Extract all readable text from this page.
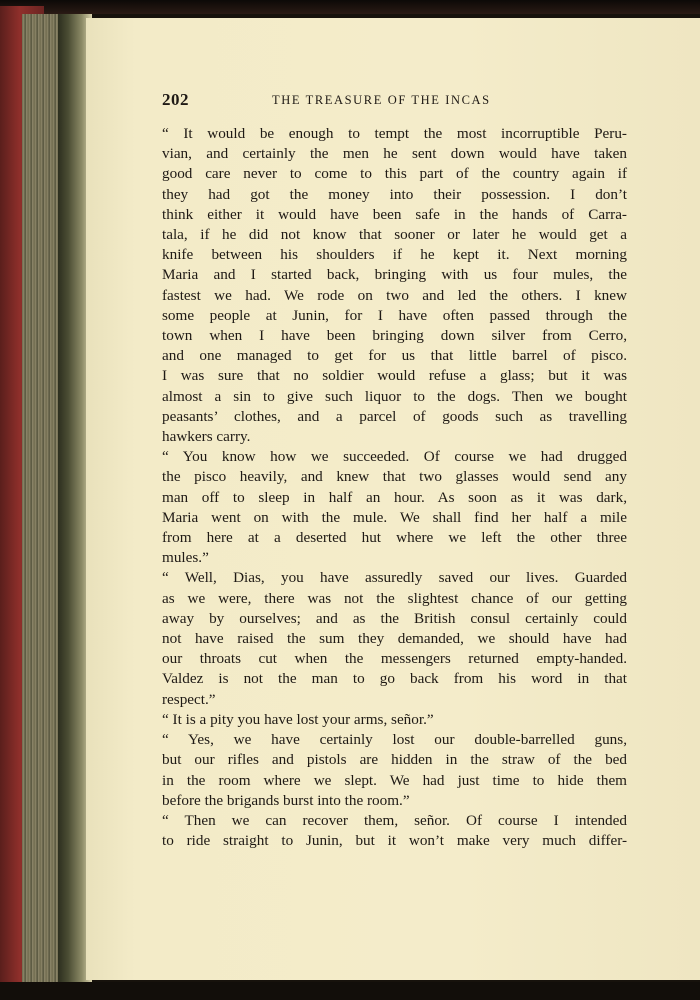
202	THE TREASURE OF THE INCAS

“ It would be enough to tempt the most incorruptible Peru-
vian, and certainly the men he sent down would have taken
good care never to come to this part of the country again if
they had got the money into their possession. I don’t
think either it would have been safe in the hands of Carra-
tala, if he did not know that sooner or later he would get a
knife between his shoulders if he kept it. Next morning
Maria and I started back, bringing with us four mules, the
fastest we had. We rode on two and led the others. I knew
some people at Junin, for I have often passed through the
town when I have been bringing down silver from Cerro,
and one managed to get for us that little barrel of pisco.
I was sure that no soldier would refuse a glass; but it was
almost a sin to give such liquor to the dogs. Then we bought
peasants’ clothes, and a parcel of goods such as travelling
hawkers carry.

“ You know how we succeeded. Of course we had drugged
the pisco heavily, and knew that two glasses would send any
man off to sleep in half an hour. As soon as it was dark,
Maria went on with the mule. We shall find her half a mile
from here at a deserted hut where we left the other three
mules.”

“ Well, Dias, you have assuredly saved our lives. Guarded
as we were, there was not the slightest chance of our getting
away by ourselves; and as the British consul certainly could
not have raised the sum they demanded, we should have had
our throats cut when the messengers returned empty-handed.
Valdez is not the man to go back from his word in that
respect.”

“ It is a pity you have lost your arms, señor.”

“ Yes, we have certainly lost our double-barrelled guns,
but our rifles and pistols are hidden in the straw of the bed
in the room where we slept. We had just time to hide them
before the brigands burst into the room.”

“ Then we can recover them, señor. Of course I intended
to ride straight to Junin, but it won’t make very much differ-
